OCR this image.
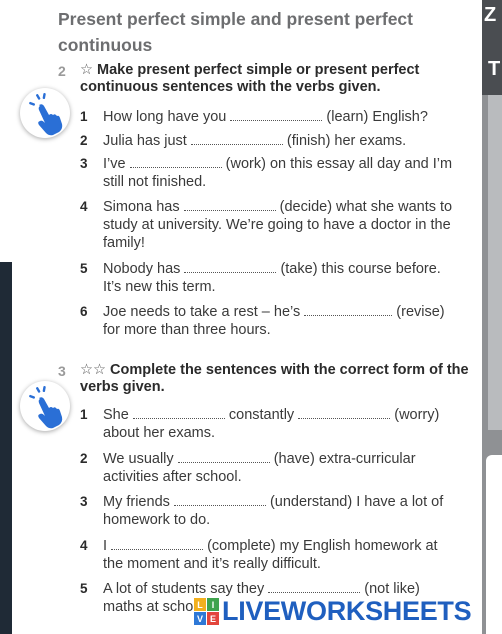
Z
T
Present perfect simple and present perfect continuous
2 ☆ Make present perfect simple or present perfect continuous sentences with the verbs given.
1 How long have you	(learn) English?
2 Julia has just	(finish) her exams.
3 I’ve	(work) on this essay all day and I’m still not finished.
4 Simona has	(decide) what she wants to study at university. We’re going to have a doctor in the family!
5 Nobody has	(take) this course before. It’s new this term.
6 Joe needs to take a rest – he’s	(revise) for more than three hours.
3 ☆☆ Complete the sentences with the correct form of the verbs given.
1 She	constantly	(worry) about her exams.
2 We usually	(have) extra-curricular activities after school.
3 My friends	(understand) I have a lot of homework to do.
4 I	(complete) my English homework at the moment and it’s really difficult.
5 A lot of students say they	(not like) maths at scho L I
V E LIVEWORKSHEETS
